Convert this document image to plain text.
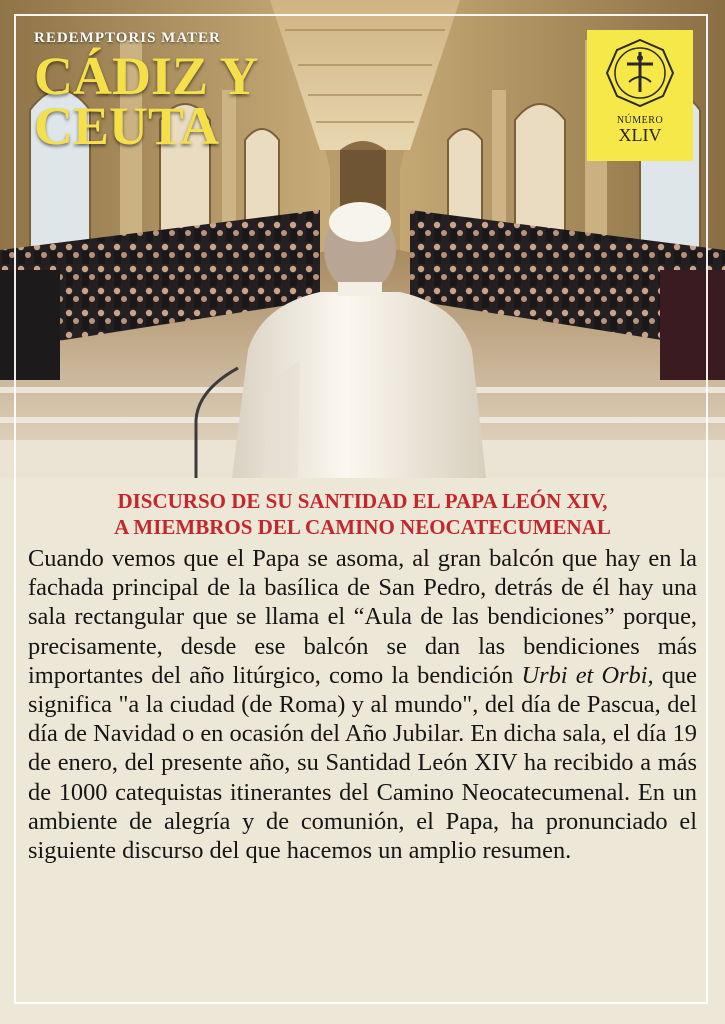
REDEMPTORIS MATER
CÁDIZ Y
CEUTA	NÚMERO
XLIV
DISCURSO DE SU SANTIDAD EL PAPA LEÓN XIV,
A MIEMBROS DEL CAMINO NEOCATECUMENAL

Cuando vemos que el Papa se asoma, al gran balcón que hay en la fachada principal de la basílica de San Pedro, detrás de él hay una sala rectangular que se llama el “Aula de las bendiciones” porque, precisamente, desde ese balcón se dan las bendiciones más importantes del año litúrgico, como la bendición Urbi et Orbi, que significa "a la ciudad (de Roma) y al mundo", del día de Pascua, del día de Navidad o en ocasión del Año Jubilar. En dicha sala, el día 19 de enero, del presente año, su Santidad León XIV ha recibido a más de 1000 catequistas itinerantes del Camino Neocatecumenal. En un ambiente de alegría y de comunión, el Papa, ha pronunciado el siguiente discurso del que hacemos un amplio resumen.
